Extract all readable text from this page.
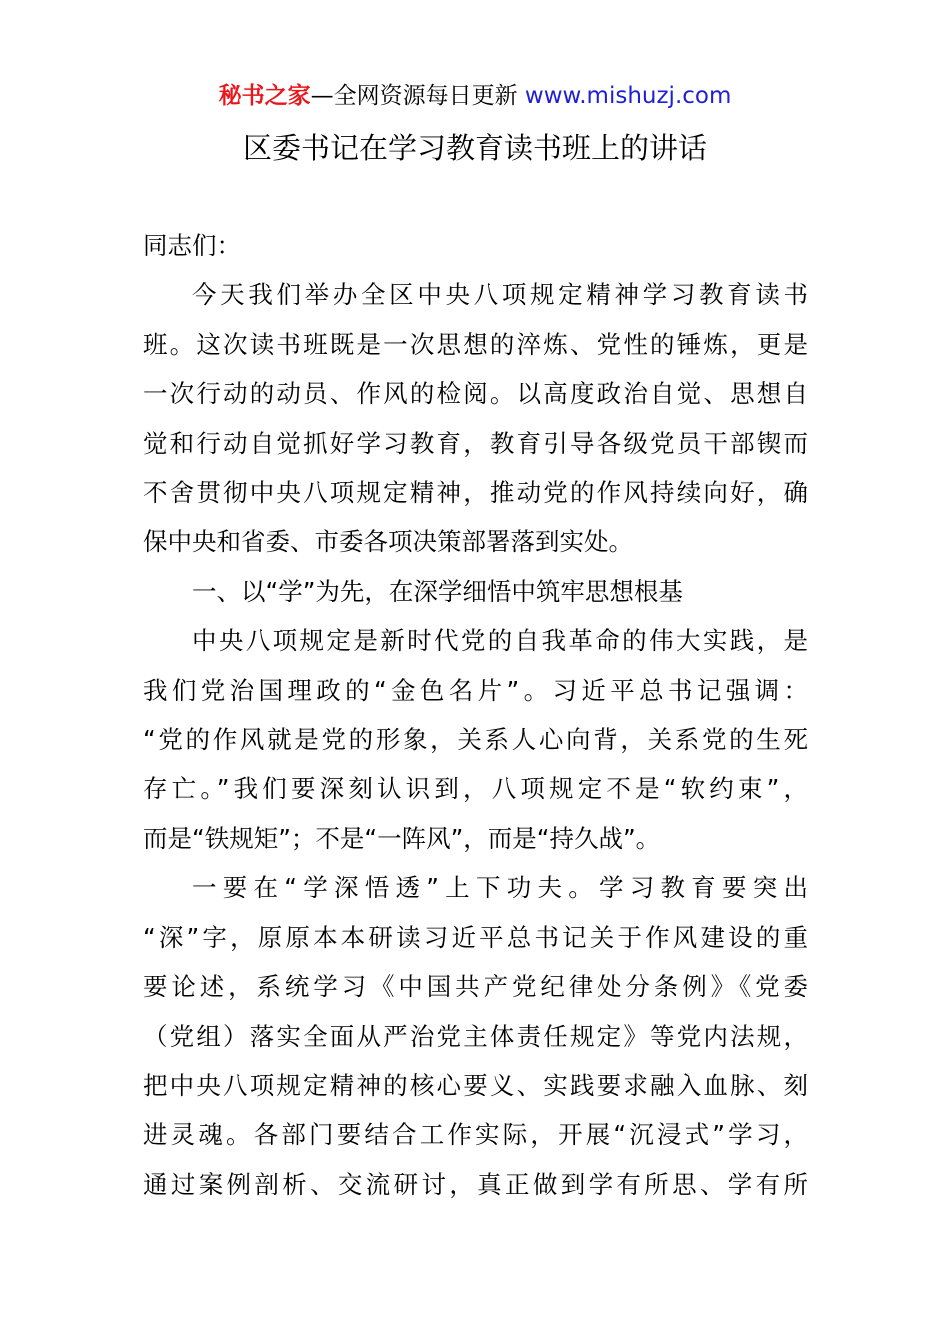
秘书之家—全网资源每日更新 www.mishuzj.com
区委书记在学习教育读书班上的讲话

同志们：

今天我们举办全区中央八项规定精神学习教育读书
班。这次读书班既是一次思想的淬炼、党性的锤炼，更是
一次行动的动员、作风的检阅。以高度政治自觉、思想自
觉和行动自觉抓好学习教育，教育引导各级党员干部锲而
不舍贯彻中央八项规定精神，推动党的作风持续向好，确
保中央和省委、市委各项决策部署落到实处。

一、以“学”为先，在深学细悟中筑牢思想根基

中央八项规定是新时代党的自我革命的伟大实践，是
我们党治国理政的“金色名片”。习近平总书记强调：
“党的作风就是党的形象，关系人心向背，关系党的生死
存亡。”我们要深刻认识到，八项规定不是“软约束”，
而是“铁规矩”；不是“一阵风”，而是“持久战”。

一要在“学深悟透”上下功夫。学习教育要突出
“深”字，原原本本研读习近平总书记关于作风建设的重
要论述，系统学习《中国共产党纪律处分条例》《党委
（党组）落实全面从严治党主体责任规定》等党内法规，
把中央八项规定精神的核心要义、实践要求融入血脉、刻
进灵魂。各部门要结合工作实际，开展“沉浸式”学习，
通过案例剖析、交流研讨，真正做到学有所思、学有所
